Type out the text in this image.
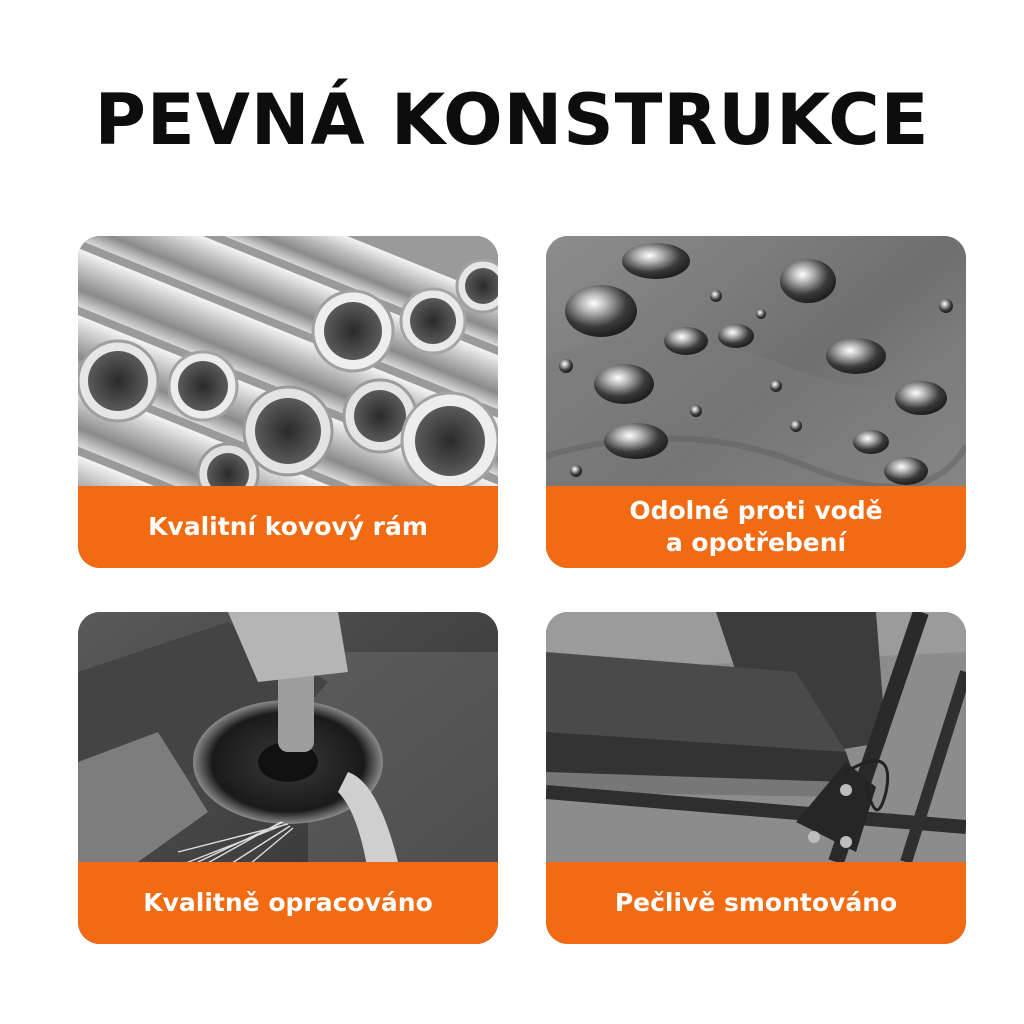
PEVNÁ KONSTRUKCE
Kvalitní kovový rám
Odolné proti vodě
a opotřebení
Kvalitně opracováno	Pečlivě smontováno
